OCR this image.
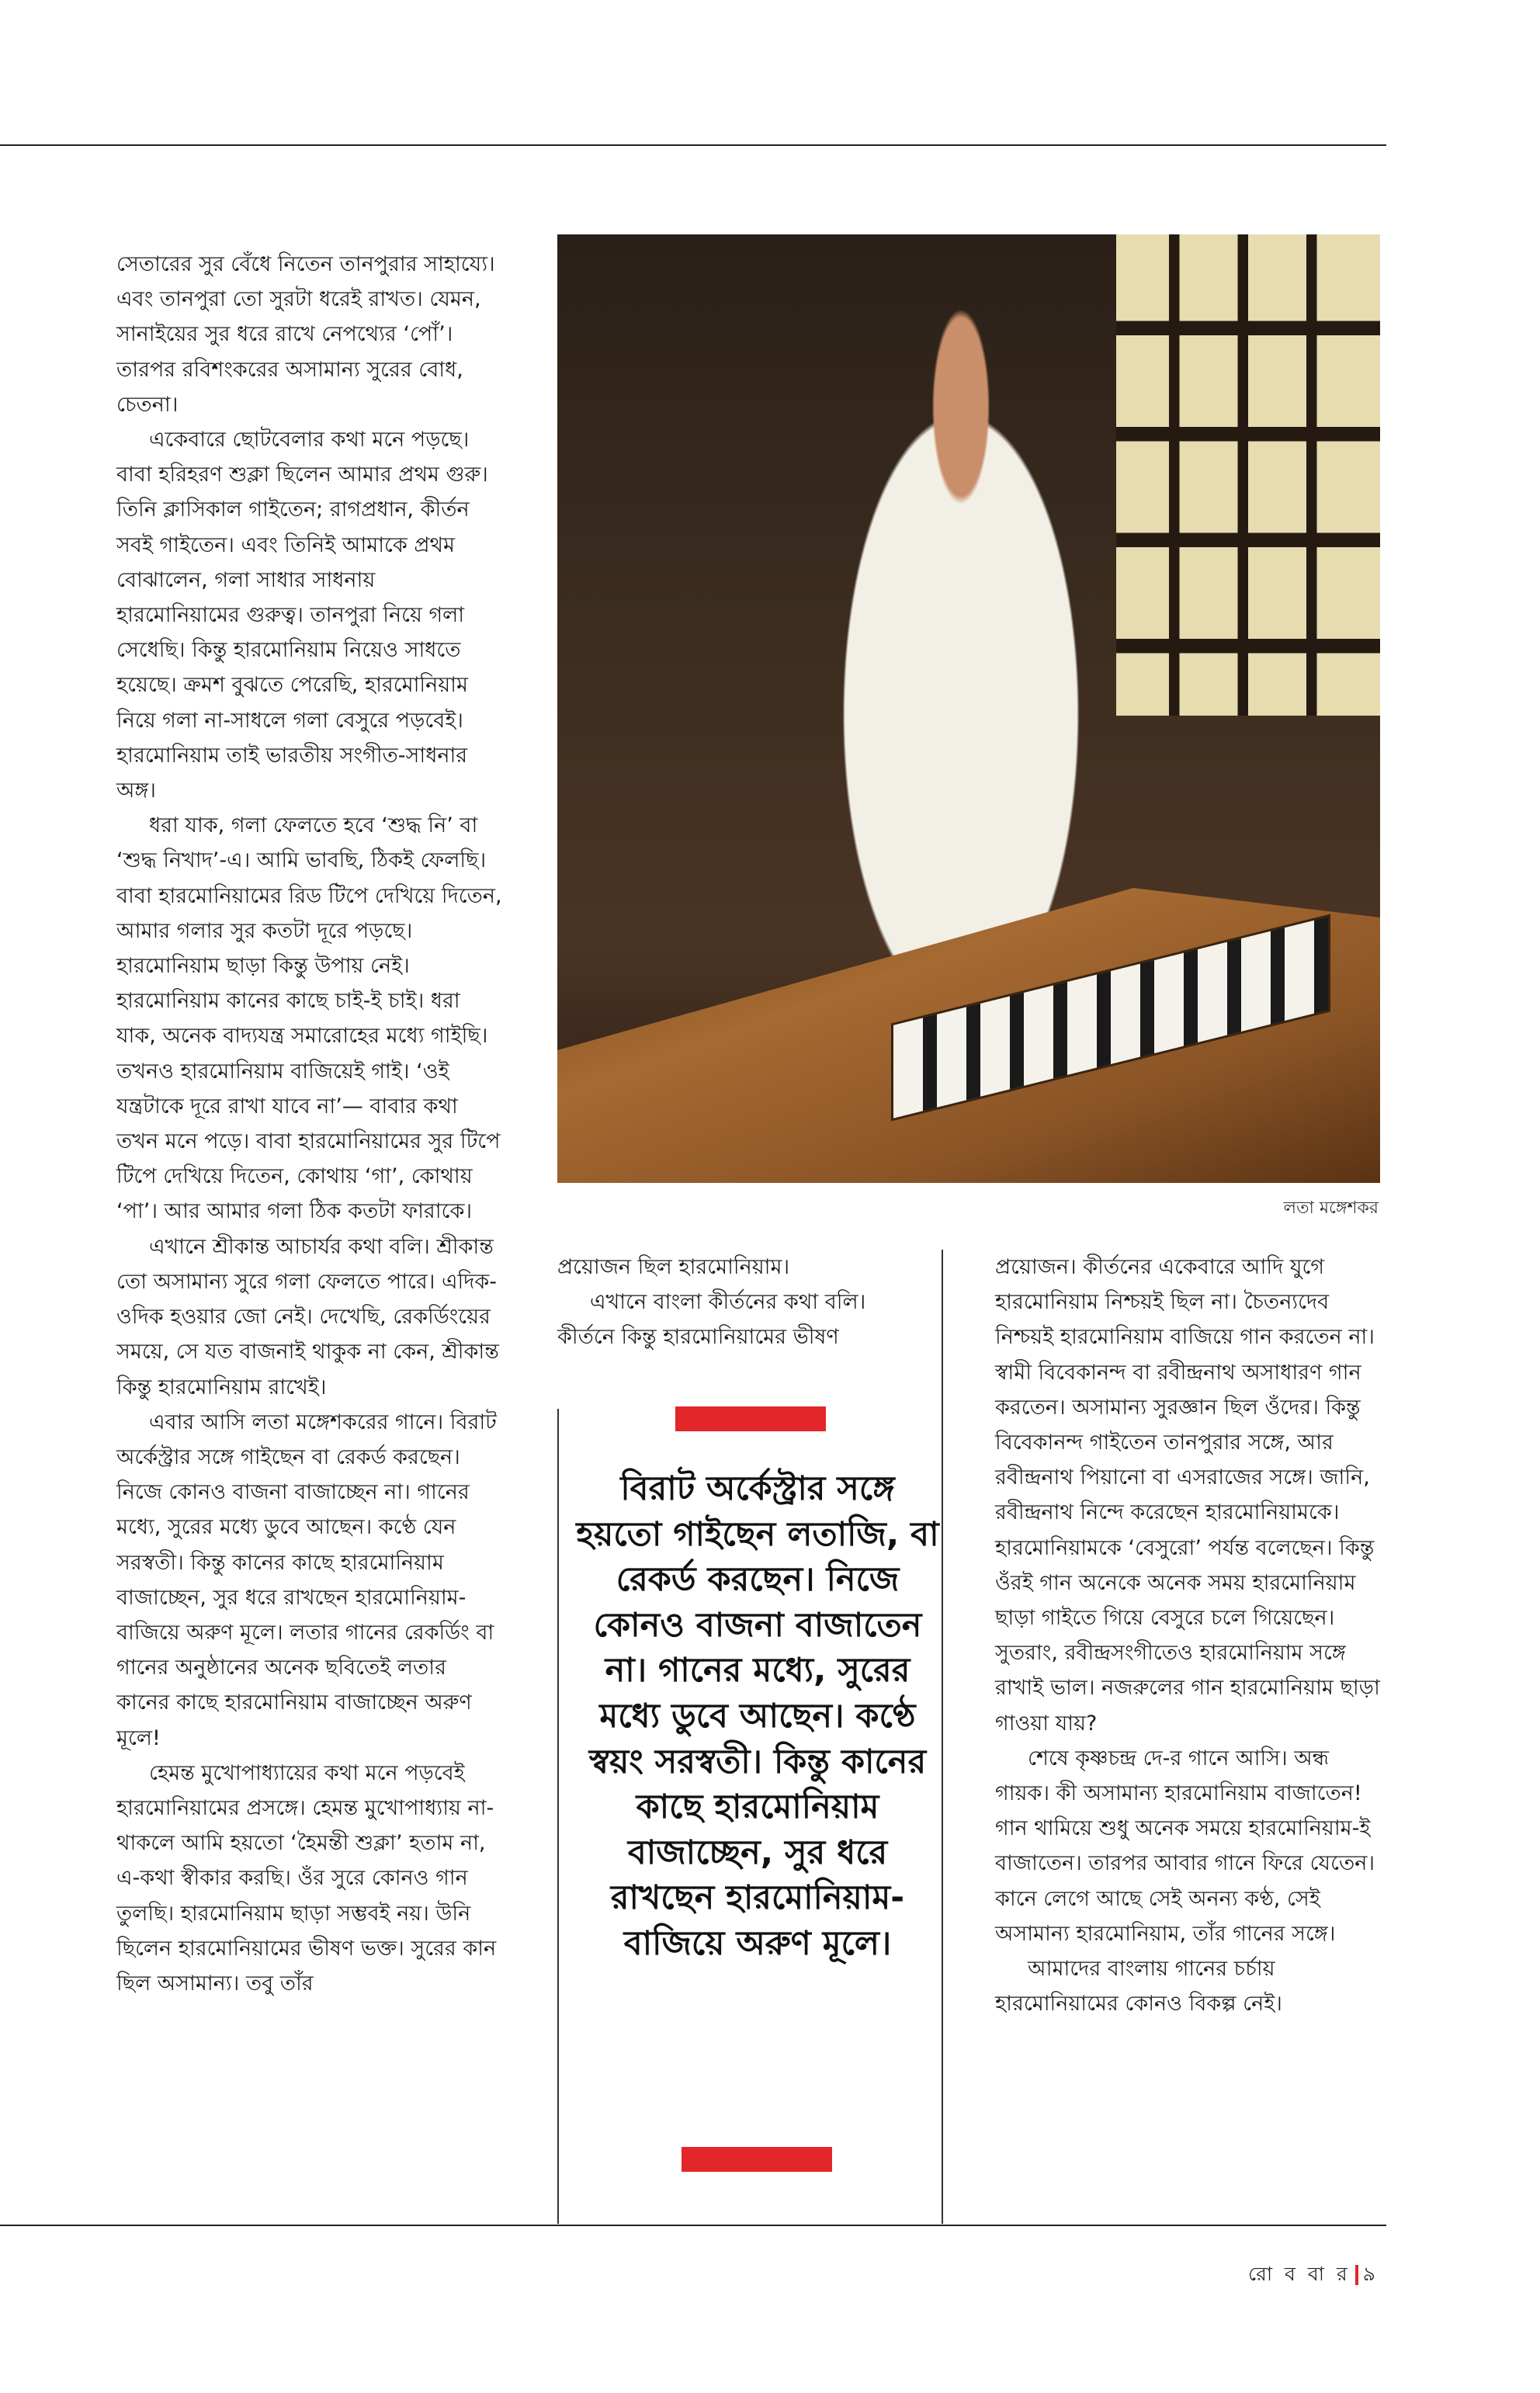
সেতারের সুর বেঁধে নিতেন তানপুরার সাহায্যে। এবং তানপুরা তো সুরটা ধরেই রাখত। যেমন, সানাইয়ের সুর ধরে রাখে নেপথ্যের ‘পোঁ’। তারপর রবিশংকরের অসামান্য সুরের বোধ, চেতনা।

একেবারে ছোটবেলার কথা মনে পড়ছে। বাবা হরিহরণ শুক্লা ছিলেন আমার প্রথম গুরু। তিনি ক্লাসিকাল গাইতেন; রাগপ্রধান, কীর্তন সবই গাইতেন। এবং তিনিই আমাকে প্রথম বোঝালেন, গলা সাধার সাধনায় হারমোনিয়ামের গুরুত্ব। তানপুরা নিয়ে গলা সেধেছি। কিন্তু হারমোনিয়াম নিয়েও সাধতে হয়েছে। ক্রমশ বুঝতে পেরেছি, হারমোনিয়াম নিয়ে গলা না-সাধলে গলা বেসুরে পড়বেই। হারমোনিয়াম তাই ভারতীয় সংগীত-সাধনার অঙ্গ।

ধরা যাক, গলা ফেলতে হবে ‘শুদ্ধ নি’ বা ‘শুদ্ধ নিখাদ’-এ। আমি ভাবছি, ঠিকই ফেলছি। বাবা হারমোনিয়ামের রিড টিপে দেখিয়ে দিতেন, আমার গলার সুর কতটা দূরে পড়ছে। হারমোনিয়াম ছাড়া কিন্তু উপায় নেই। হারমোনিয়াম কানের কাছে চাই-ই চাই। ধরা যাক, অনেক বাদ্যযন্ত্র সমারোহের মধ্যে গাইছি। তখনও হারমোনিয়াম বাজিয়েই গাই। ‘ওই যন্ত্রটাকে দূরে রাখা যাবে না’— বাবার কথা তখন মনে পড়ে। বাবা হারমোনিয়ামের সুর টিপে টিপে দেখিয়ে দিতেন, কোথায় ‘গা’, কোথায় ‘পা’। আর আমার গলা ঠিক কতটা ফারাকে।

এখানে শ্রীকান্ত আচার্যর কথা বলি। শ্রীকান্ত তো অসামান্য সুরে গলা ফেলতে পারে। এদিক-ওদিক হওয়ার জো নেই। দেখেছি, রেকর্ডিংয়ের সময়ে, সে যত বাজনাই থাকুক না কেন, শ্রীকান্ত কিন্তু হারমোনিয়াম রাখেই।

এবার আসি লতা মঙ্গেশকরের গানে। বিরাট অর্কেস্ট্রার সঙ্গে গাইছেন বা রেকর্ড করছেন। নিজে কোনও বাজনা বাজাচ্ছেন না। গানের মধ্যে, সুরের মধ্যে ডুবে আছেন। কণ্ঠে যেন সরস্বতী। কিন্তু কানের কাছে হারমোনিয়াম বাজাচ্ছেন, সুর ধরে রাখছেন হারমোনিয়াম-বাজিয়ে অরুণ মূলে। লতার গানের রেকর্ডিং বা গানের অনুষ্ঠানের অনেক ছবিতেই লতার কানের কাছে হারমোনিয়াম বাজাচ্ছেন অরুণ মূলে!

হেমন্ত মুখোপাধ্যায়ের কথা মনে পড়বেই হারমোনিয়ামের প্রসঙ্গে। হেমন্ত মুখোপাধ্যায় না-থাকলে আমি হয়তো ‘হৈমন্তী শুক্লা’ হতাম না, এ-কথা স্বীকার করছি। ওঁর সুরে কোনও গান তুলছি। হারমোনিয়াম ছাড়া সম্ভবই নয়। উনি ছিলেন হারমোনিয়ামের ভীষণ ভক্ত। সুরের কান ছিল অসামান্য। তবু তাঁর

লতা মঙ্গেশকর

প্রয়োজন ছিল হারমোনিয়াম।

এখানে বাংলা কীর্তনের কথা বলি। কীর্তনে কিন্তু হারমোনিয়ামের ভীষণ

বিরাট অর্কেস্ট্রার সঙ্গে হয়তো গাইছেন লতাজি, বা রেকর্ড করছেন। নিজে কোনও বাজনা বাজাতেন না। গানের মধ্যে, সুরের মধ্যে ডুবে আছেন। কণ্ঠে স্বয়ং সরস্বতী। কিন্তু কানের কাছে হারমোনিয়াম বাজাচ্ছেন, সুর ধরে রাখছেন হারমোনিয়াম-বাজিয়ে অরুণ মূলে।

প্রয়োজন। কীর্তনের একেবারে আদি যুগে হারমোনিয়াম নিশ্চয়ই ছিল না। চৈতন্যদেব নিশ্চয়ই হারমোনিয়াম বাজিয়ে গান করতেন না। স্বামী বিবেকানন্দ বা রবীন্দ্রনাথ অসাধারণ গান করতেন। অসামান্য সুরজ্ঞান ছিল ওঁদের। কিন্তু বিবেকানন্দ গাইতেন তানপুরার সঙ্গে, আর রবীন্দ্রনাথ পিয়ানো বা এসরাজের সঙ্গে। জানি, রবীন্দ্রনাথ নিন্দে করেছেন হারমোনিয়ামকে। হারমোনিয়ামকে ‘বেসুরো’ পর্যন্ত বলেছেন। কিন্তু ওঁরই গান অনেকে অনেক সময় হারমোনিয়াম ছাড়া গাইতে গিয়ে বেসুরে চলে গিয়েছেন। সুতরাং, রবীন্দ্রসংগীতেও হারমোনিয়াম সঙ্গে রাখাই ভাল। নজরুলের গান হারমোনিয়াম ছাড়া গাওয়া যায়?

শেষে কৃষ্ণচন্দ্র দে-র গানে আসি। অন্ধ গায়ক। কী অসামান্য হারমোনিয়াম বাজাতেন! গান থামিয়ে শুধু অনেক সময়ে হারমোনিয়াম-ই বাজাতেন। তারপর আবার গানে ফিরে যেতেন। কানে লেগে আছে সেই অনন্য কণ্ঠ, সেই অসামান্য হারমোনিয়াম, তাঁর গানের সঙ্গে।

আমাদের বাংলায় গানের চর্চায় হারমোনিয়ামের কোনও বিকল্প নেই।

রো ব বা র ৯
